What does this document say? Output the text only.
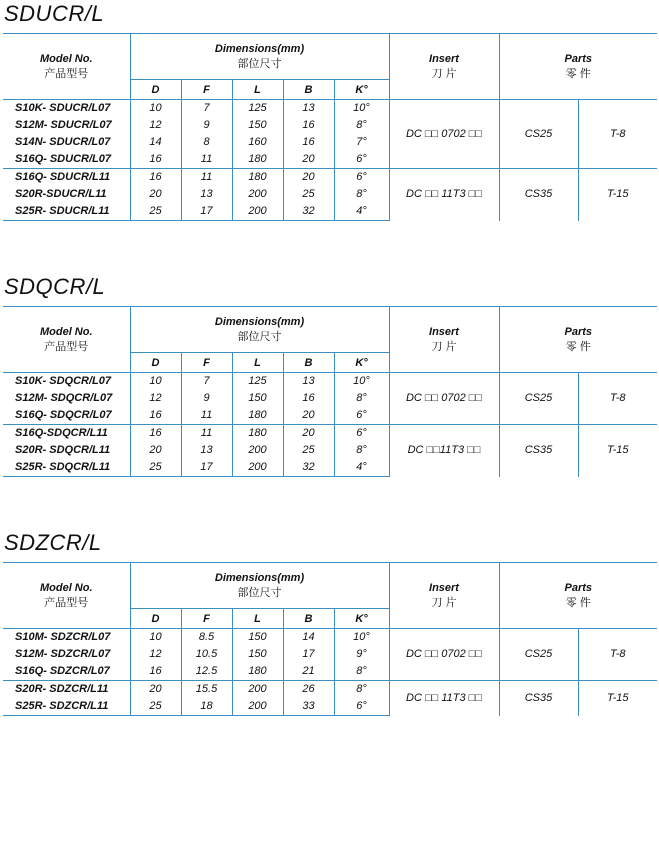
SDUCR/L
Model No.
产品型号	Dimensions(mm)
部位尺寸					Insert
刀 片	Parts
零 件	

	D	F	L	B	K°			
S10K- SDUCR/L07	10	7	125	13	10°	DC □□ 0702 □□	CS25	T-8
S12M- SDUCR/L07	12	9	150	16	8°			
S14N- SDUCR/L07	14	8	160	16	7°			
S16Q- SDUCR/L07	16	11	180	20	6°			
S16Q- SDUCR/L11	16	11	180	20	6°	DC □□ 11T3 □□	CS35	T-15
S20R-SDUCR/L11	20	13	200	25	8°			
S25R- SDUCR/L11	25	17	200	32	4°			
SDQCR/L
Model No.
产品型号	Dimensions(mm)
部位尺寸					Insert
刀 片	Parts
零 件	

	D	F	L	B	K°			
S10K- SDQCR/L07	10	7	125	13	10°	DC □□ 0702 □□	CS25	T-8
S12M- SDQCR/L07	12	9	150	16	8°			
S16Q- SDQCR/L07	16	11	180	20	6°			
S16Q-SDQCR/L11	16	11	180	20	6°	DC □□11T3 □□	CS35	T-15
S20R- SDQCR/L11	20	13	200	25	8°			
S25R- SDQCR/L11	25	17	200	32	4°			
SDZCR/L
Model No.
产品型号	Dimensions(mm)
部位尺寸					Insert
刀 片	Parts
零 件	

	D	F	L	B	K°			
S10M- SDZCR/L07	10	8.5	150	14	10°	DC □□ 0702 □□	CS25	T-8
S12M- SDZCR/L07	12	10.5	150	17	9°			
S16Q- SDZCR/L07	16	12.5	180	21	8°			
S20R- SDZCR/L11	20	15.5	200	26	8°	DC □□ 11T3 □□	CS35	T-15
S25R- SDZCR/L11	25	18	200	33	6°			
